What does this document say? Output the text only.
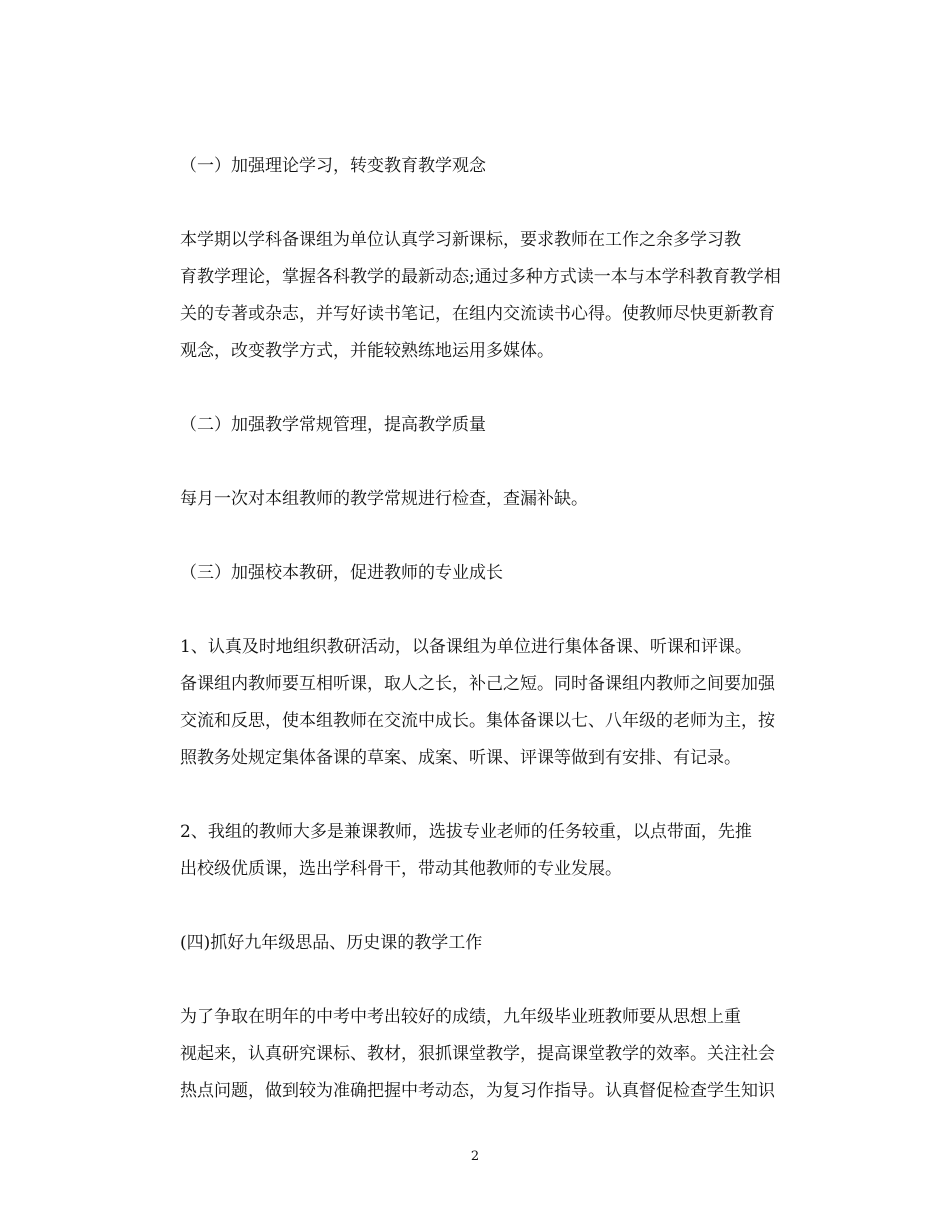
（一）加强理论学习，转变教育教学观念
本学期以学科备课组为单位认真学习新课标，要求教师在工作之余多学习教
育教学理论，掌握各科教学的最新动态;通过多种方式读一本与本学科教育教学相
关的专著或杂志，并写好读书笔记，在组内交流读书心得。使教师尽快更新教育
观念，改变教学方式，并能较熟练地运用多媒体。
（二）加强教学常规管理，提高教学质量
每月一次对本组教师的教学常规进行检查，查漏补缺。
（三）加强校本教研，促进教师的专业成长
1、认真及时地组织教研活动，以备课组为单位进行集体备课、听课和评课。
备课组内教师要互相听课，取人之长，补己之短。同时备课组内教师之间要加强
交流和反思，使本组教师在交流中成长。集体备课以七、八年级的老师为主，按
照教务处规定集体备课的草案、成案、听课、评课等做到有安排、有记录。
2、我组的教师大多是兼课教师，选拔专业老师的任务较重，以点带面，先推
出校级优质课，选出学科骨干，带动其他教师的专业发展。
(四)抓好九年级思品、历史课的教学工作
为了争取在明年的中考中考出较好的成绩，九年级毕业班教师要从思想上重
视起来，认真研究课标、教材，狠抓课堂教学，提高课堂教学的效率。关注社会
热点问题，做到较为准确把握中考动态，为复习作指导。认真督促检查学生知识
2
